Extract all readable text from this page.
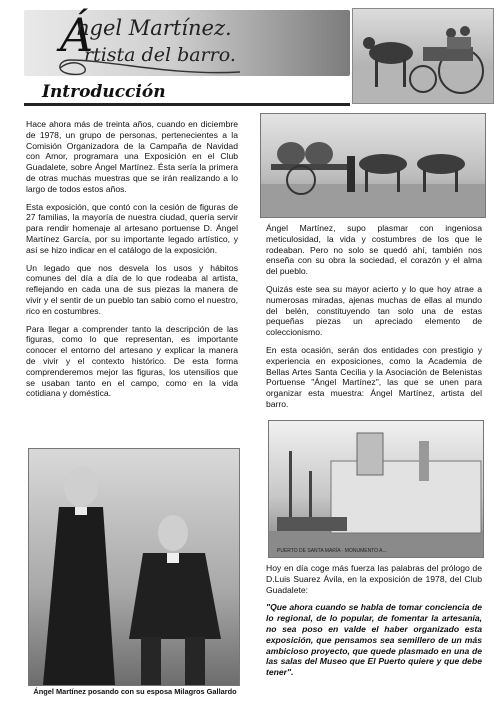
Á
ngel Martínez.
rtista del barro.
Introducción

Hace ahora más de treinta años, cuando en diciembre de 1978, un grupo de personas, pertenecientes a la Comisión Organizadora de la Campaña de Navidad con Amor, programara una Exposición en el Club Guadalete, sobre Ángel Martínez. Ésta sería la primera de otras muchas muestras que se irán realizando a lo largo de todos estos años.

Esta exposición, que contó con la cesión de figuras de 27 familias, la mayoría de nuestra ciudad, quería servir para rendir homenaje al artesano portuense D. Ángel Martínez García, por su importante legado artístico, y así se hizo indicar en el catálogo de la exposición.

Un legado que nos desvela los usos y hábitos comunes del día a día de lo que rodeaba al artista, reflejando en cada una de sus piezas la manera de vivir y el sentir de un pueblo tan sabio como el nuestro, rico en costumbres.

Para llegar a comprender tanto la descripción de las figuras, como lo que representan, es importante conocer el entorno del artesano y explicar la manera de vivir y el contexto histórico. De esta forma comprenderemos mejor las figuras, los utensilios que se usaban tanto en el campo, como en la vida cotidiana y doméstica.

Ángel Martínez, supo plasmar con ingeniosa meticulosidad, la vida y costumbres de los que le rodeaban. Pero no solo se quedó ahí, también nos enseña con su obra la sociedad, el corazón y el alma del pueblo.

Quizás este sea su mayor acierto y lo que hoy atrae a numerosas miradas, ajenas muchas de ellas al mundo del belén, constituyendo tan solo una de estas pequeñas piezas un apreciado elemento de coleccionismo.

En esta ocasión, serán dos entidades con prestigio y experiencia en exposiciones, como la Academia de Bellas Artes Santa Cecilia y la Asociación de Belenistas Portuense "Ángel Martínez", las que se unen para organizar esta muestra: Ángel Martínez, artista del barro.

PUERTO DE SANTA MARÍA · MONUMENTO A...

Hoy en día coge más fuerza las palabras del prólogo de D.Luis Suarez Ávila, en la exposición de 1978, del Club Guadalete:

"Que ahora cuando se habla de tomar conciencia de lo regional, de lo popular, de fomentar la artesanía, no sea poso en valde el haber organizado esta exposición, que pensamos sea semillero de un más ambicioso proyecto, que quede plasmado en una de las salas del Museo que El Puerto quiere y que debe tener".

Ángel Martínez posando con su esposa Milagros Gallardo
